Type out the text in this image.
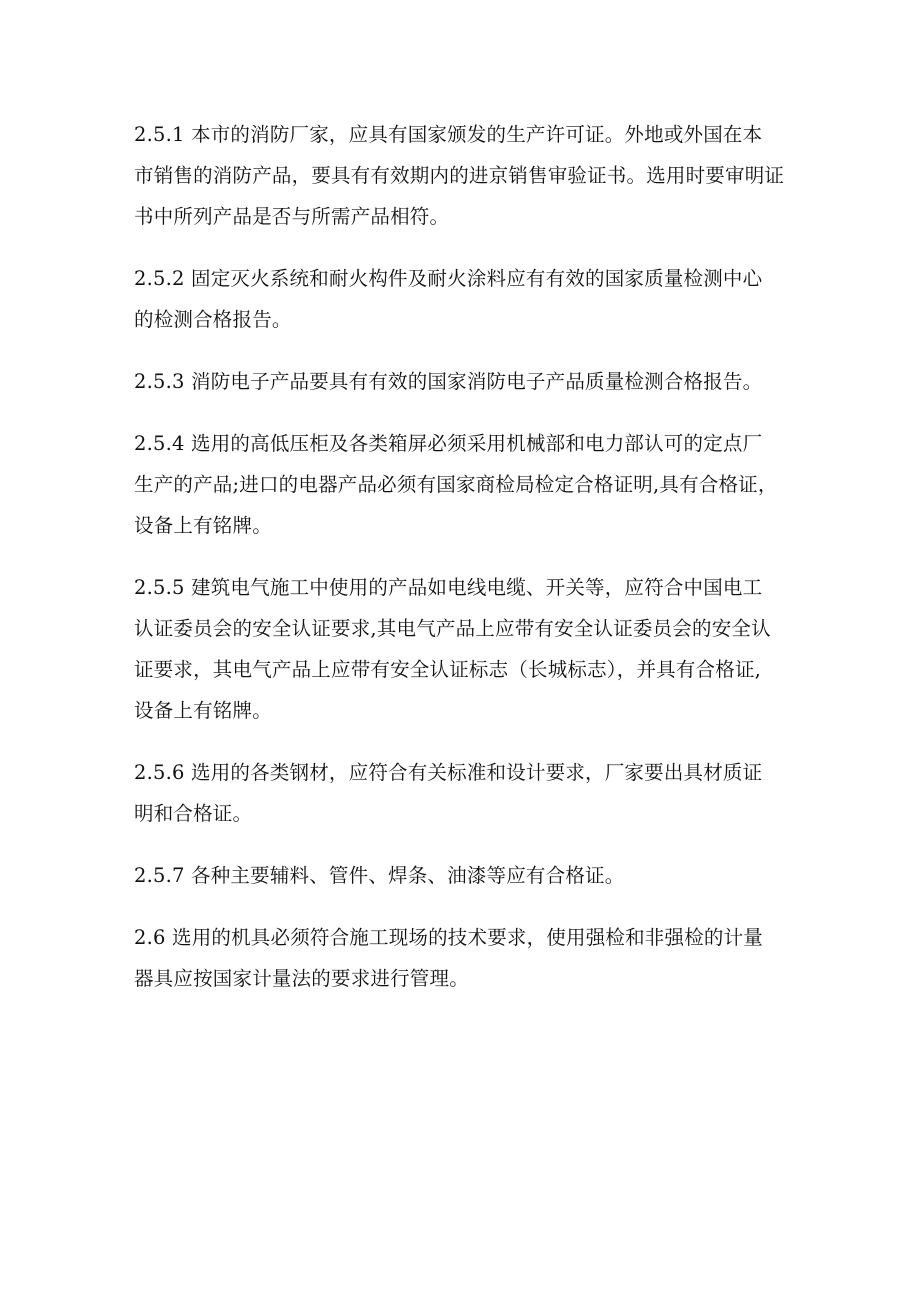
2.5.1 本市的消防厂家，应具有国家颁发的生产许可证。外地或外国在本
市销售的消防产品，要具有有效期内的进京销售审验证书。选用时要审明证
书中所列产品是否与所需产品相符。

2.5.2 固定灭火系统和耐火构件及耐火涂料应有有效的国家质量检测中心
的检测合格报告。

2.5.3 消防电子产品要具有有效的国家消防电子产品质量检测合格报告。

2.5.4 选用的高低压柜及各类箱屏必须采用机械部和电力部认可的定点厂
生产的产品;进口的电器产品必须有国家商检局检定合格证明,具有合格证，
设备上有铭牌。

2.5.5 建筑电气施工中使用的产品如电线电缆、开关等，应符合中国电工
认证委员会的安全认证要求,其电气产品上应带有安全认证委员会的安全认
证要求，其电气产品上应带有安全认证标志（长城标志），并具有合格证,
设备上有铭牌。

2.5.6 选用的各类钢材，应符合有关标准和设计要求，厂家要出具材质证
明和合格证。

2.5.7 各种主要辅料、管件、焊条、油漆等应有合格证。

2.6 选用的机具必须符合施工现场的技术要求，使用强检和非强检的计量
器具应按国家计量法的要求进行管理。
